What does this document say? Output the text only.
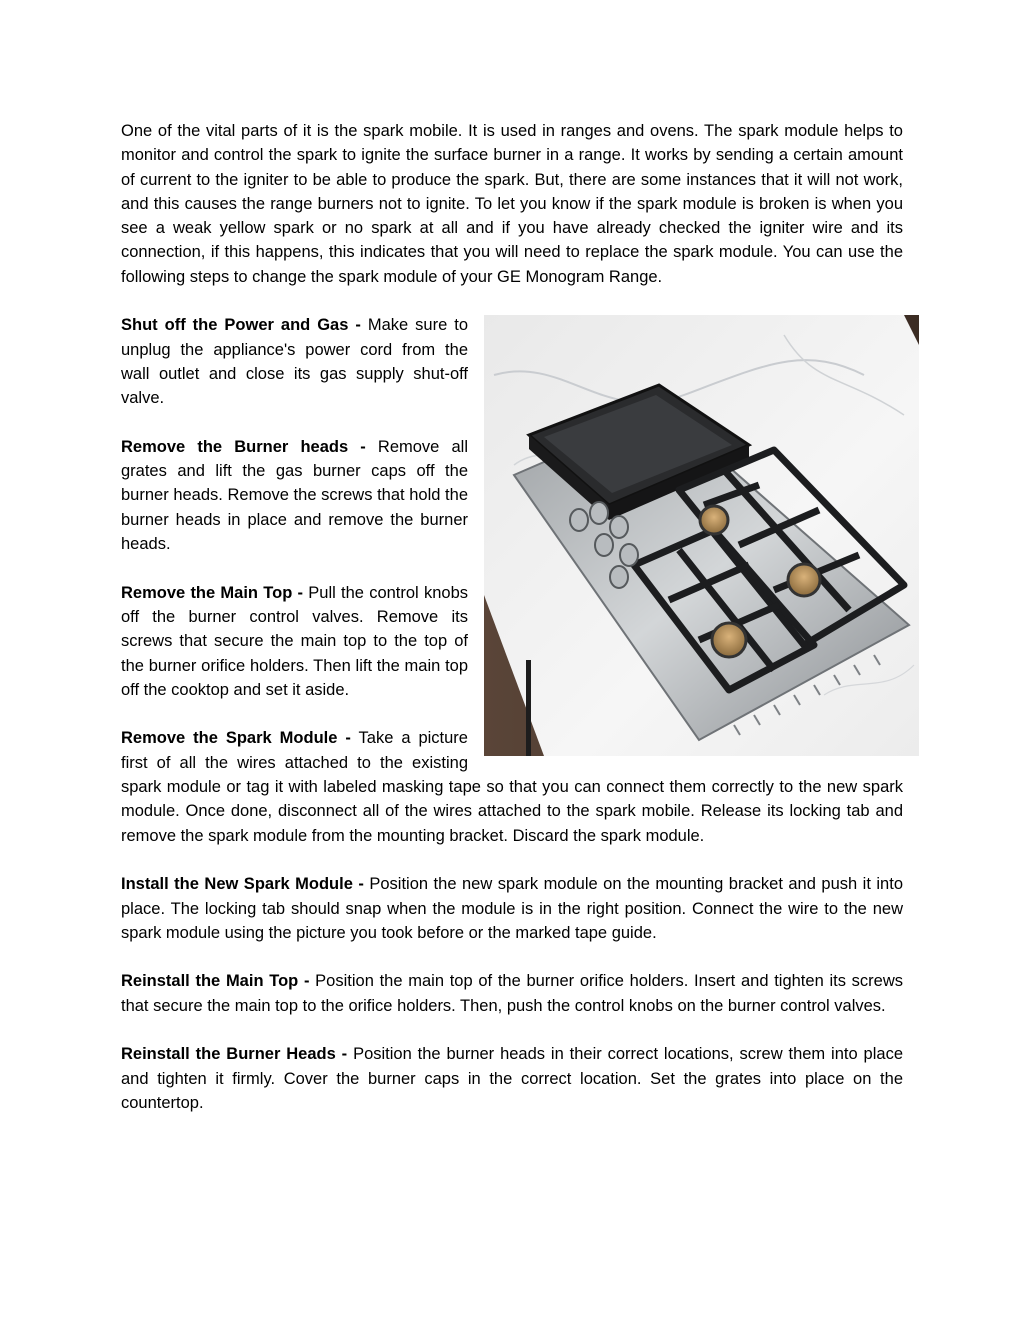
One of the vital parts of it is the spark mobile. It is used in ranges and ovens. The spark module helps to monitor and control the spark to ignite the surface burner in a range. It works by sending a certain amount of current to the igniter to be able to produce the spark. But, there are some instances that it will not work, and this causes the range burners not to ignite. To let you know if the spark module is broken is when you see a weak yellow spark or no spark at all and if you have already checked the igniter wire and its connection, if this happens, this indicates that you will need to replace the spark module. You can use the following steps to change the spark module of your GE Monogram Range.

Shut off the Power and Gas - Make sure to unplug the appliance's power cord from the wall outlet and close its gas supply shut-off valve.

Remove the Burner heads - Remove all grates and lift the gas burner caps off the burner heads. Remove the screws that hold the burner heads in place and remove the burner heads.

Remove the Main Top - Pull the control knobs off the burner control valves. Remove its screws that secure the main top to the top of the burner orifice holders. Then lift the main top off the cooktop and set it aside.

Remove the Spark Module - Take a picture first of all the wires attached to the existing spark module or tag it with labeled masking tape so that you can connect them correctly to the new spark module. Once done, disconnect all of the wires attached to the spark mobile. Release its locking tab and remove the spark module from the mounting bracket. Discard the spark module.

Install the New Spark Module - Position the new spark module on the mounting bracket and push it into place. The locking tab should snap when the module is in the right position. Connect the wire to the new spark module using the picture you took before or the marked tape guide.

Reinstall the Main Top - Position the main top of the burner orifice holders. Insert and tighten its screws that secure the main top to the orifice holders. Then, push the control knobs on the burner control valves.

Reinstall the Burner Heads - Position the burner heads in their correct locations, screw them into place and tighten it firmly. Cover the burner caps in the correct location. Set the grates into place on the countertop.
